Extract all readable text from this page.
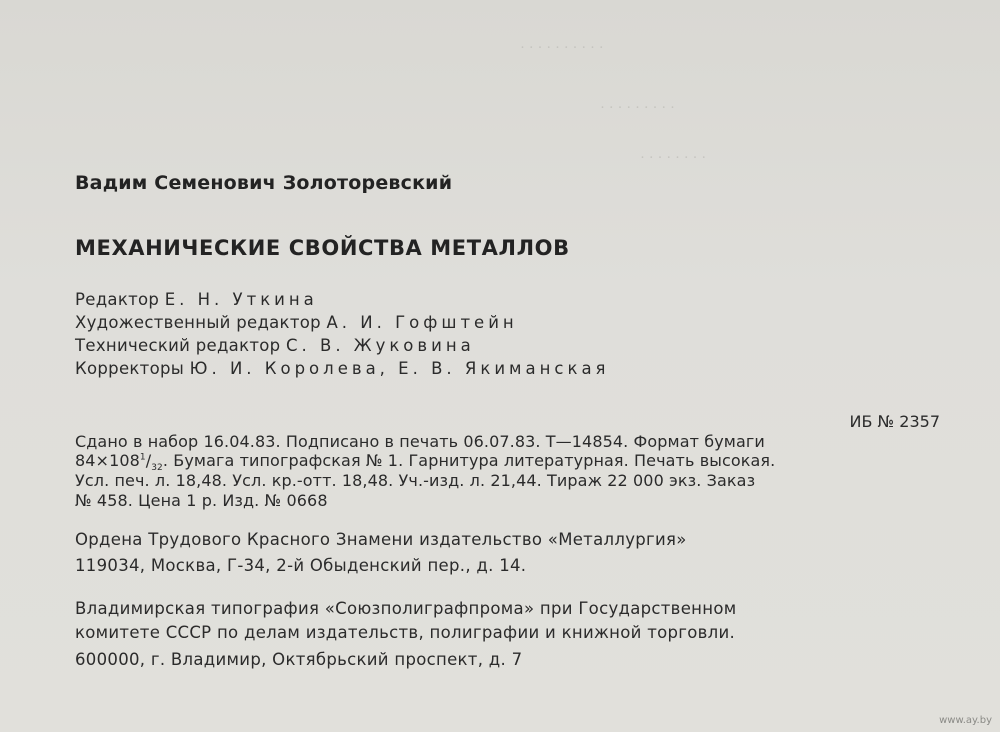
· · · · · · · · · ·
· · · · · · · · ·
· · · · · · · ·
Вадим Семенович Золоторевский
МЕХАНИЧЕСКИЕ СВОЙСТВА МЕТАЛЛОВ
Редактор Е. Н. Уткина
Художественный редактор А. И. Гофштейн
Технический редактор С. В. Жуковина
Корректоры Ю. И. Королева, Е. В. Якиманская
ИБ № 2357
Сдано в набор 16.04.83. Подписано в печать 06.07.83. Т—14854. Формат бумаги
$84\times 108^1/_{32}$. Бумага типографская № 1. Гарнитура литературная. Печать высокая.
Усл. печ. л. 18,48. Усл. кр.-отт. 18,48. Уч.-изд. л. 21,44. Тираж 22 000 экз. Заказ
№ 458. Цена 1 р. Изд. № 0668
Ордена Трудового Красного Знамени издательство «Металлургия»
119034, Москва, Г-34, 2-й Обыденский пер., д. 14.
Владимирская типография «Союзполиграфпрома» при Государственном
комитете СССР по делам издательств, полиграфии и книжной торговли.
600000, г. Владимир, Октябрьский проспект, д. 7
www.ay.by
